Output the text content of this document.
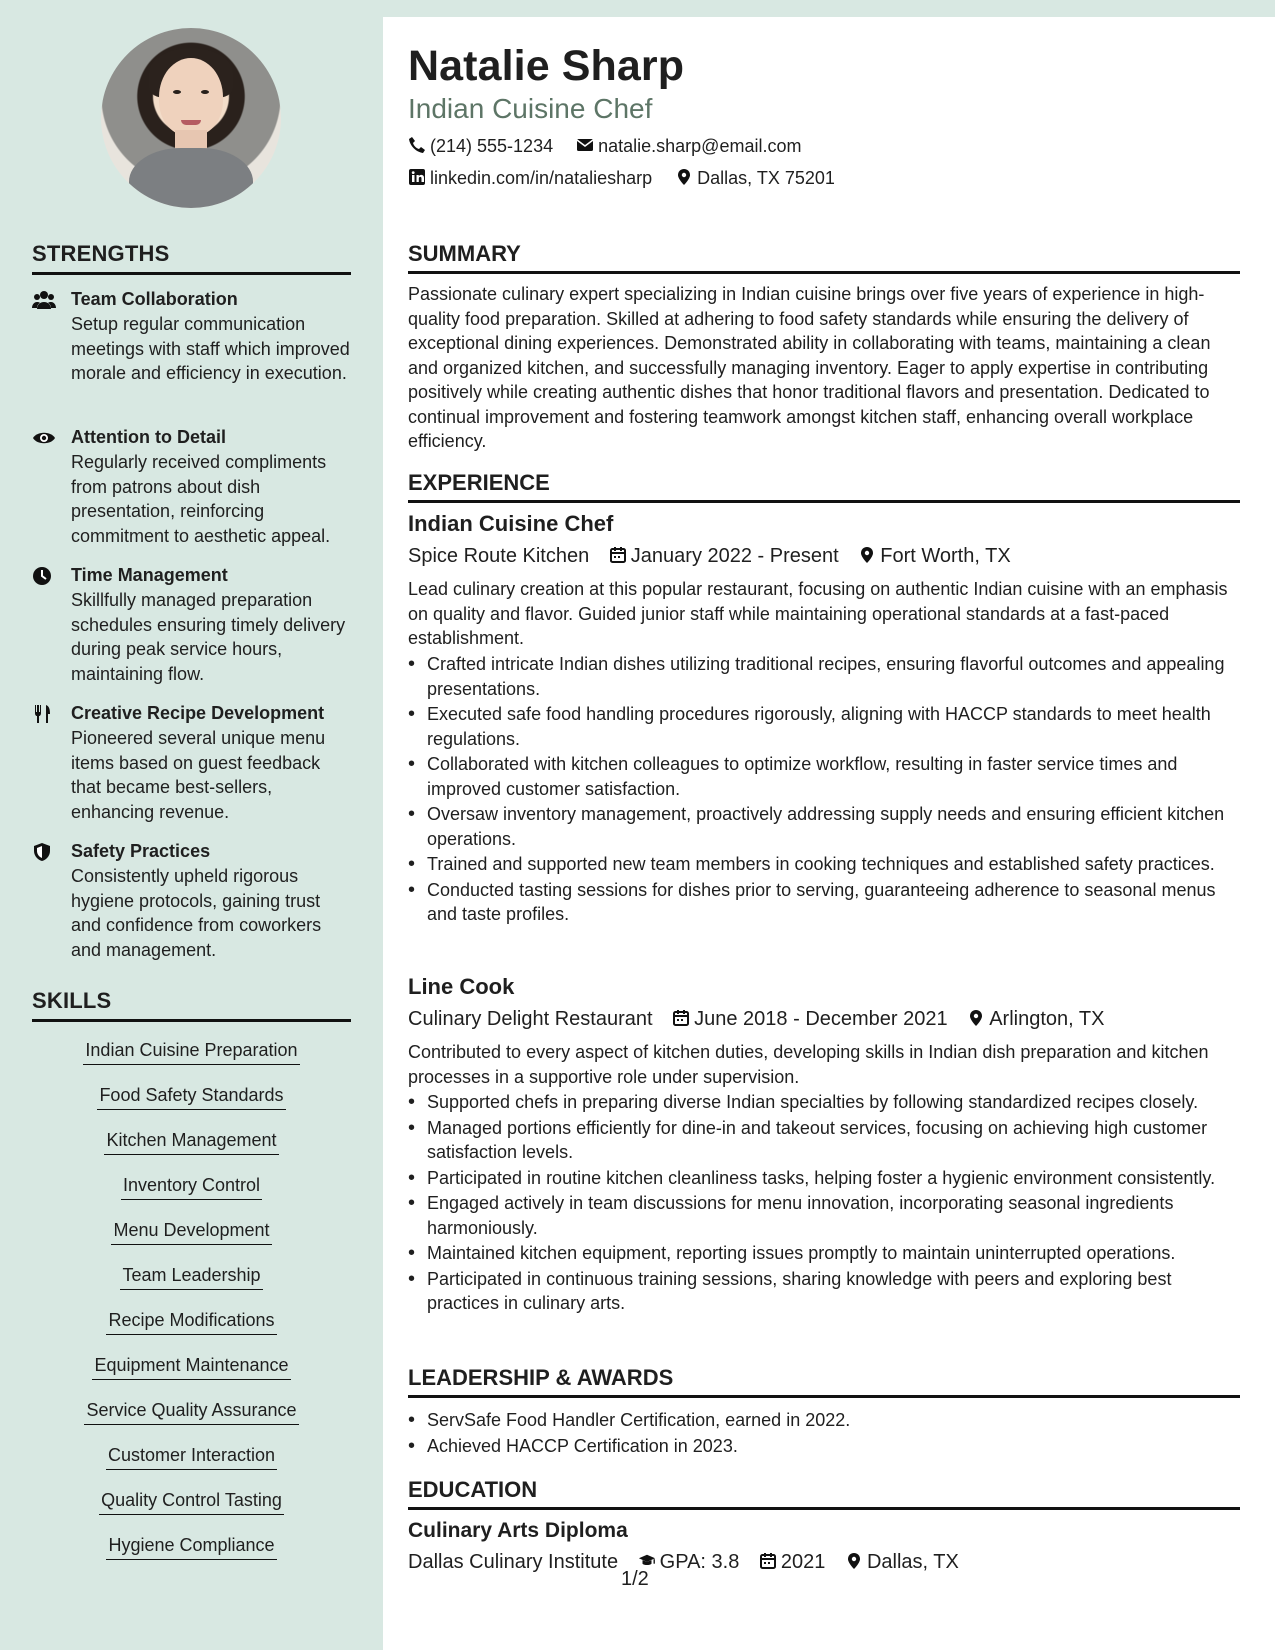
STRENGTHS
Team Collaboration
Setup regular communication meetings with staff which improved morale and efficiency in execution.
Attention to Detail
Regularly received compliments from patrons about dish presentation, reinforcing commitment to aesthetic appeal.
Time Management
Skillfully managed preparation schedules ensuring timely delivery during peak service hours, maintaining flow.
Creative Recipe Development
Pioneered several unique menu items based on guest feedback that became best-sellers, enhancing revenue.
Safety Practices
Consistently upheld rigorous hygiene protocols, gaining trust and confidence from coworkers and management.
SKILLS
Indian Cuisine Preparation
Food Safety Standards
Kitchen Management
Inventory Control
Menu Development
Team Leadership
Recipe Modifications
Equipment Maintenance
Service Quality Assurance
Customer Interaction
Quality Control Tasting
Hygiene Compliance
Natalie Sharp
Indian Cuisine Chef
(214) 555-1234	natalie.sharp@email.com
linkedin.com/in/nataliesharp	Dallas, TX 75201
SUMMARY
Passionate culinary expert specializing in Indian cuisine brings over five years of experience in high-quality food preparation. Skilled at adhering to food safety standards while ensuring the delivery of exceptional dining experiences. Demonstrated ability in collaborating with teams, maintaining a clean and organized kitchen, and successfully managing inventory. Eager to apply expertise in contributing positively while creating authentic dishes that honor traditional flavors and presentation. Dedicated to continual improvement and fostering teamwork amongst kitchen staff, enhancing overall workplace efficiency.
EXPERIENCE
Indian Cuisine Chef
Spice Route Kitchen January 2022 - Present Fort Worth, TX
Lead culinary creation at this popular restaurant, focusing on authentic Indian cuisine with an emphasis on quality and flavor. Guided junior staff while maintaining operational standards at a fast-paced establishment.
• Crafted intricate Indian dishes utilizing traditional recipes, ensuring flavorful outcomes and appealing presentations.
• Executed safe food handling procedures rigorously, aligning with HACCP standards to meet health regulations.
• Collaborated with kitchen colleagues to optimize workflow, resulting in faster service times and improved customer satisfaction.
• Oversaw inventory management, proactively addressing supply needs and ensuring efficient kitchen operations.
• Trained and supported new team members in cooking techniques and established safety practices.
• Conducted tasting sessions for dishes prior to serving, guaranteeing adherence to seasonal menus and taste profiles.
Line Cook
Culinary Delight Restaurant June 2018 - December 2021 Arlington, TX
Contributed to every aspect of kitchen duties, developing skills in Indian dish preparation and kitchen processes in a supportive role under supervision.
• Supported chefs in preparing diverse Indian specialties by following standardized recipes closely.
• Managed portions efficiently for dine-in and takeout services, focusing on achieving high customer satisfaction levels.
• Participated in routine kitchen cleanliness tasks, helping foster a hygienic environment consistently.
• Engaged actively in team discussions for menu innovation, incorporating seasonal ingredients harmoniously.
• Maintained kitchen equipment, reporting issues promptly to maintain uninterrupted operations.
• Participated in continuous training sessions, sharing knowledge with peers and exploring best practices in culinary arts.
LEADERSHIP & AWARDS
• ServSafe Food Handler Certification, earned in 2022.
• Achieved HACCP Certification in 2023.
EDUCATION
Culinary Arts Diploma
Dallas Culinary Institute GPA: 3.8 2021 Dallas, TX
1/2
